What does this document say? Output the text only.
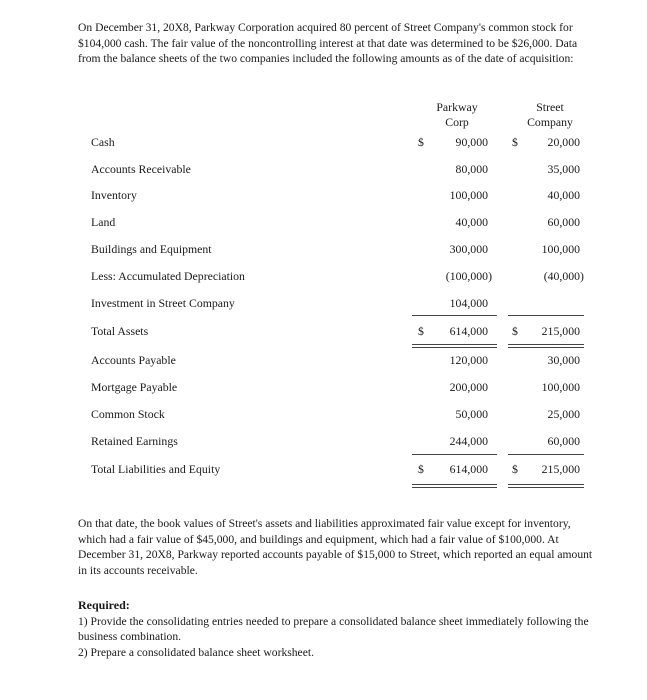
On December 31, 20X8, Parkway Corporation acquired 80 percent of Street Company's common stock for $104,000 cash. The fair value of the noncontrolling interest at that date was determined to be $26,000. Data from the balance sheets of the two companies included the following amounts as of the date of acquisition:

Parkway
Corp
Street
Company
Cash	$	90,000 $	20,000
Accounts Receivable	80,000	35,000
Inventory	100,000	40,000
Land	40,000	60,000
Buildings and Equipment	300,000	100,000
Less: Accumulated Depreciation	(100,000)	(40,000)
Investment in Street Company	104,000
Total Assets	$ 614,000 $ 215,000
Accounts Payable	120,000	30,000
Mortgage Payable	200,000	100,000
Common Stock	50,000	25,000
Retained Earnings	244,000	60,000
Total Liabilities and Equity	$ 614,000 $ 215,000

On that date, the book values of Street's assets and liabilities approximated fair value except for inventory, which had a fair value of $45,000, and buildings and equipment, which had a fair value of $100,000. At December 31, 20X8, Parkway reported accounts payable of $15,000 to Street, which reported an equal amount in its accounts receivable.

Required:
1) Provide the consolidating entries needed to prepare a consolidated balance sheet immediately following the business combination.
2) Prepare a consolidated balance sheet worksheet.
